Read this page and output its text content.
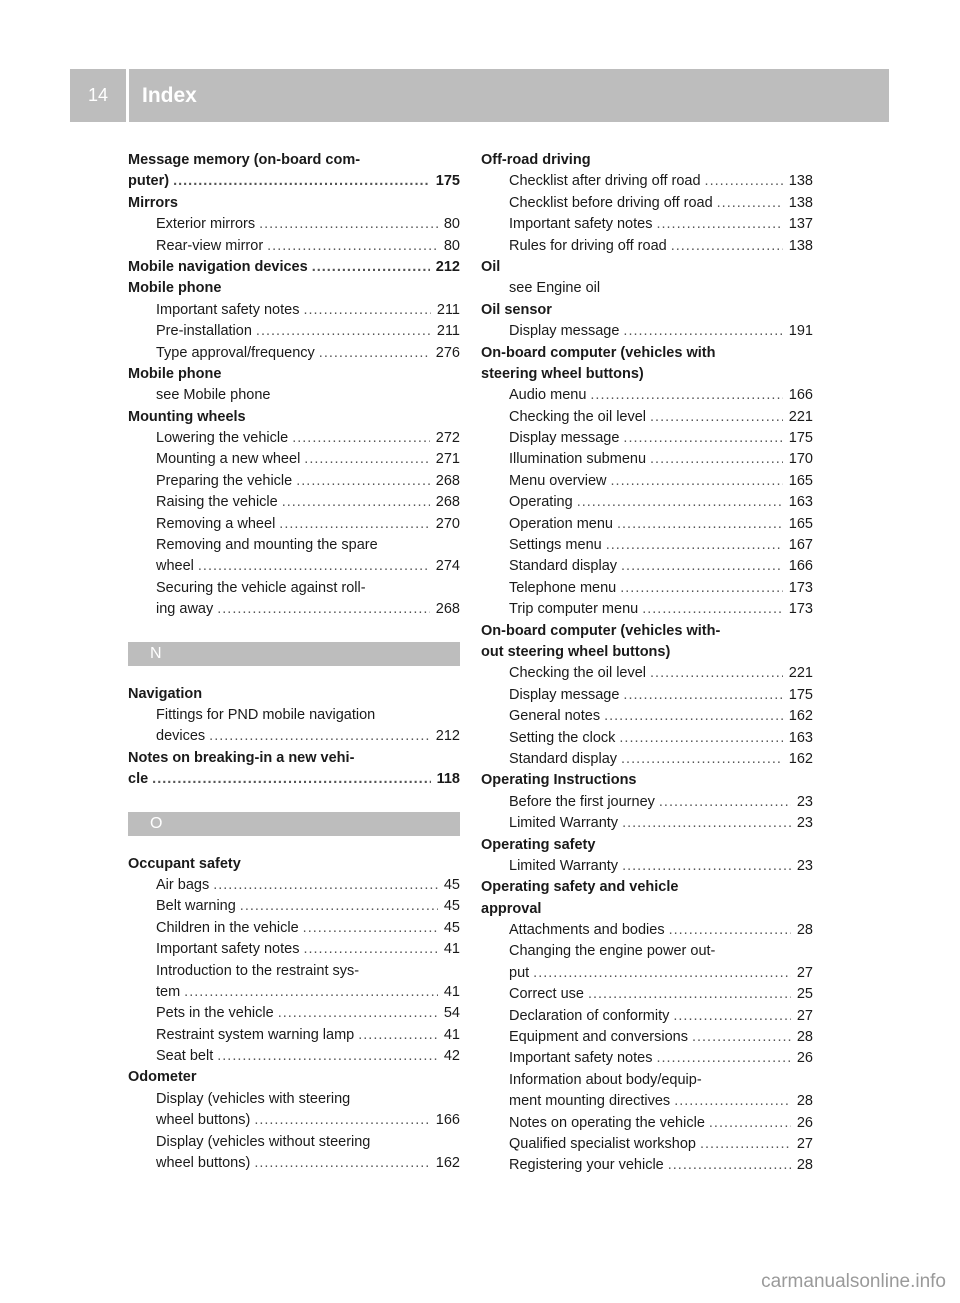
14	Index
Message memory (on-board com-
puter) .....	175
Mirrors
Exterior mirrors .....	80
Rear-view mirror .....	80
Mobile navigation devices .....	212
Mobile phone
Important safety notes .....	211
Pre-installation .....	211
Type approval/frequency .....	276
Mobile phone
see Mobile phone
Mounting wheels
Lowering the vehicle .....	272
Mounting a new wheel .....	271
Preparing the vehicle .....	268
Raising the vehicle .....	268
Removing a wheel .....	270
Removing and mounting the spare
wheel .....	274
Securing the vehicle against roll-
ing away .....	268
N
Navigation
Fittings for PND mobile navigation
devices .....	212
Notes on breaking-in a new vehi-
cle .....	118
O
Occupant safety
Air bags .....	45
Belt warning .....	45
Children in the vehicle .....	45
Important safety notes .....	41
Introduction to the restraint sys-
tem .....	41
Pets in the vehicle .....	54
Restraint system warning lamp .....	41
Seat belt .....	42
Odometer
Display (vehicles with steering
wheel buttons) .....	166
Display (vehicles without steering
wheel buttons) .....	162
Off-road driving
Checklist after driving off road .....	138
Checklist before driving off road .....	138
Important safety notes .....	137
Rules for driving off road .....	138
Oil
see Engine oil
Oil sensor
Display message .....	191
On-board computer (vehicles with
steering wheel buttons)
Audio menu .....	166
Checking the oil level .....	221
Display message .....	175
Illumination submenu .....	170
Menu overview .....	165
Operating .....	163
Operation menu .....	165
Settings menu .....	167
Standard display .....	166
Telephone menu .....	173
Trip computer menu .....	173
On-board computer (vehicles with-
out steering wheel buttons)
Checking the oil level .....	221
Display message .....	175
General notes .....	162
Setting the clock .....	163
Standard display .....	162
Operating Instructions
Before the first journey .....	23
Limited Warranty .....	23
Operating safety
Limited Warranty .....	23
Operating safety and vehicle
approval
Attachments and bodies .....	28
Changing the engine power out-
put .....	27
Correct use .....	25
Declaration of conformity .....	27
Equipment and conversions .....	28
Important safety notes .....	26
Information about body/equip-
ment mounting directives .....	28
Notes on operating the vehicle .....	26
Qualified specialist workshop .....	27
Registering your vehicle .....	28
carmanualsonline.info
